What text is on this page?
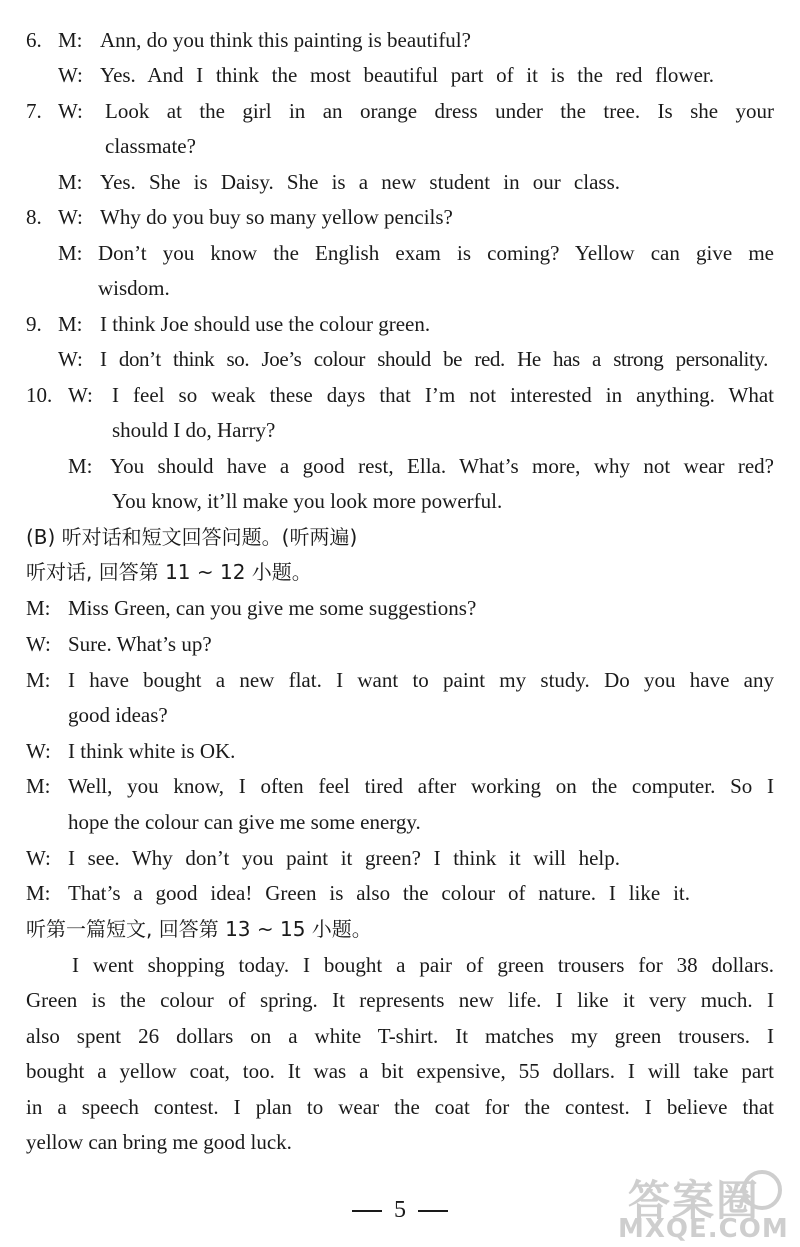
6. M: Ann, do you think this painting is beautiful?
W: Yes. And I think the most beautiful part of it is the red flower.
7. W: Look at the girl in an orange dress under the tree. Is she your
classmate?
M: Yes. She is Daisy. She is a new student in our class.
8. W: Why do you buy so many yellow pencils?
M: Don’t you know the English exam is coming? Yellow can give me
wisdom.
9. M: I think Joe should use the colour green.
W: I don’t think so. Joe’s colour should be red. He has a strong personality.
10. W: I feel so weak these days that I’m not interested in anything. What
should I do, Harry?
M: You should have a good rest, Ella. What’s more, why not wear red?
You know, it’ll make you look more powerful.
(B) 听对话和短文回答问题。(听两遍)
听对话, 回答第 11 ~ 12 小题。
M: Miss Green, can you give me some suggestions?
W: Sure. What’s up?
M: I have bought a new flat. I want to paint my study. Do you have any
good ideas?
W: I think white is OK.
M: Well, you know, I often feel tired after working on the computer. So I
hope the colour can give me some energy.
W: I see. Why don’t you paint it green? I think it will help.
M: That’s a good idea! Green is also the colour of nature. I like it.
听第一篇短文, 回答第 13 ~ 15 小题。
I went shopping today. I bought a pair of green trousers for 38 dollars.
Green is the colour of spring. It represents new life. I like it very much. I
also spent 26 dollars on a white T-shirt. It matches my green trousers. I
bought a yellow coat, too. It was a bit expensive, 55 dollars. I will take part
in a speech contest. I plan to wear the coat for the contest. I believe that
yellow can bring me good luck.
5	答案圈
MXQE.COM
